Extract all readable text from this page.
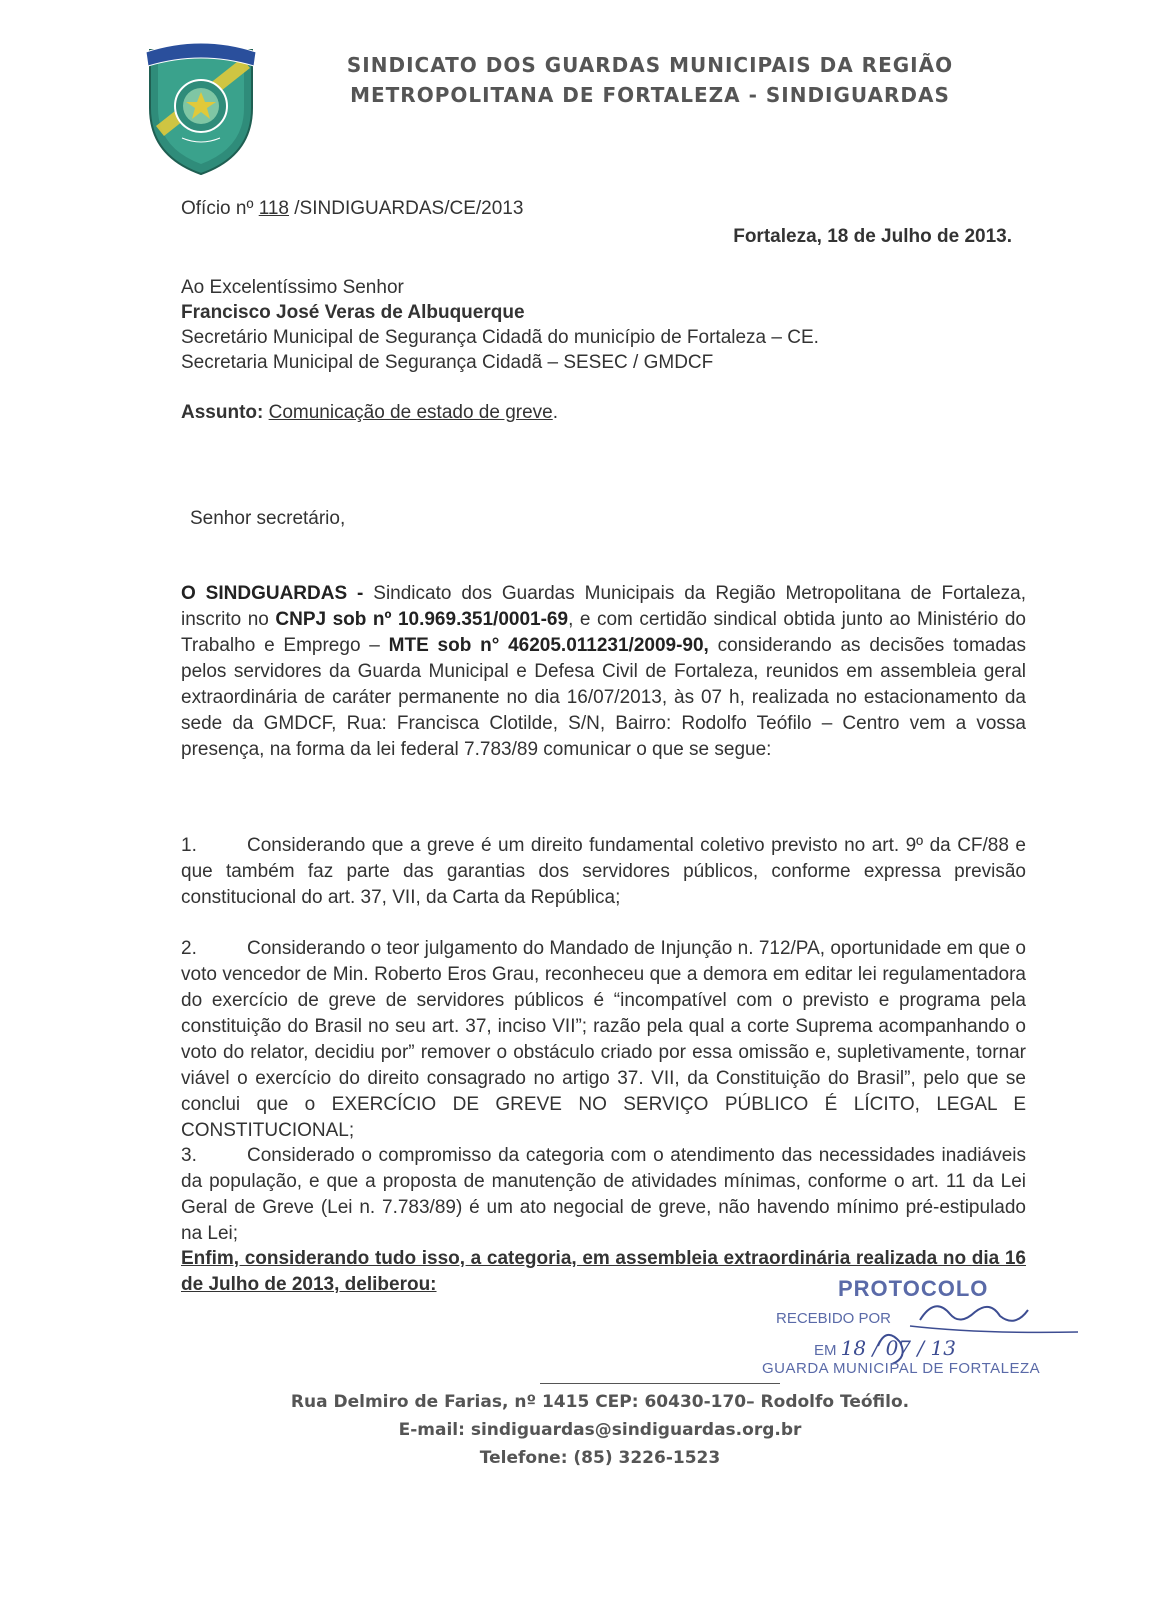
SINDICATO DOS GUARDAS MUNICIPAIS DA REGIÃO
METROPOLITANA DE FORTALEZA - SINDIGUARDAS
Ofício nº 118 /SINDIGUARDAS/CE/2013
Fortaleza, 18 de Julho de 2013.
Ao Excelentíssimo Senhor
Francisco José Veras de Albuquerque
Secretário Municipal de Segurança Cidadã do município de Fortaleza – CE.
Secretaria Municipal de Segurança Cidadã – SESEC / GMDCF
Assunto: Comunicação de estado de greve.
Senhor secretário,

O SINDGUARDAS - Sindicato dos Guardas Municipais da Região Metropolitana de Fortaleza, inscrito no CNPJ sob nº 10.969.351/0001-69, e com certidão sindical obtida junto ao Ministério do Trabalho e Emprego – MTE sob n° 46205.011231/2009-90, considerando as decisões tomadas pelos servidores da Guarda Municipal e Defesa Civil de Fortaleza, reunidos em assembleia geral extraordinária de caráter permanente no dia 16/07/2013, às 07 h, realizada no estacionamento da sede da GMDCF, Rua: Francisca Clotilde, S/N, Bairro: Rodolfo Teófilo – Centro vem a vossa presença, na forma da lei federal 7.783/89 comunicar o que se segue:

1.	Considerando que a greve é um direito fundamental coletivo previsto no art. 9º da CF/88 e que também faz parte das garantias dos servidores públicos, conforme expressa previsão constitucional do art. 37, VII, da Carta da República;

2.	Considerando o teor julgamento do Mandado de Injunção n. 712/PA, oportunidade em que o voto vencedor de Min. Roberto Eros Grau, reconheceu que a demora em editar lei regulamentadora do exercício de greve de servidores públicos é “incompatível com o previsto e programa pela constituição do Brasil no seu art. 37, inciso VII”; razão pela qual a corte Suprema acompanhando o voto do relator, decidiu por” remover o obstáculo criado por essa omissão e, supletivamente, tornar viável o exercício do direito consagrado no artigo 37. VII, da Constituição do Brasil”, pelo que se conclui que o EXERCÍCIO DE GREVE NO SERVIÇO PÚBLICO É LÍCITO, LEGAL E CONSTITUCIONAL;

3.	Considerado o compromisso da categoria com o atendimento das necessidades inadiáveis da população, e que a proposta de manutenção de atividades mínimas, conforme o art. 11 da Lei Geral de Greve (Lei n. 7.783/89) é um ato negocial de greve, não havendo mínimo pré-estipulado na Lei;

Enfim, considerando tudo isso, a categoria, em assembleia extraordinária realizada no dia 16 de Julho de 2013, deliberou:	PROTOCOLO
RECEBIDO POR
EM 18 / 07 / 13
GUARDA MUNICIPAL DE FORTALEZA
Rua Delmiro de Farias, nº 1415 CEP: 60430-170– Rodolfo Teófilo.
E-mail: sindiguardas@sindiguardas.org.br
Telefone: (85) 3226-1523
